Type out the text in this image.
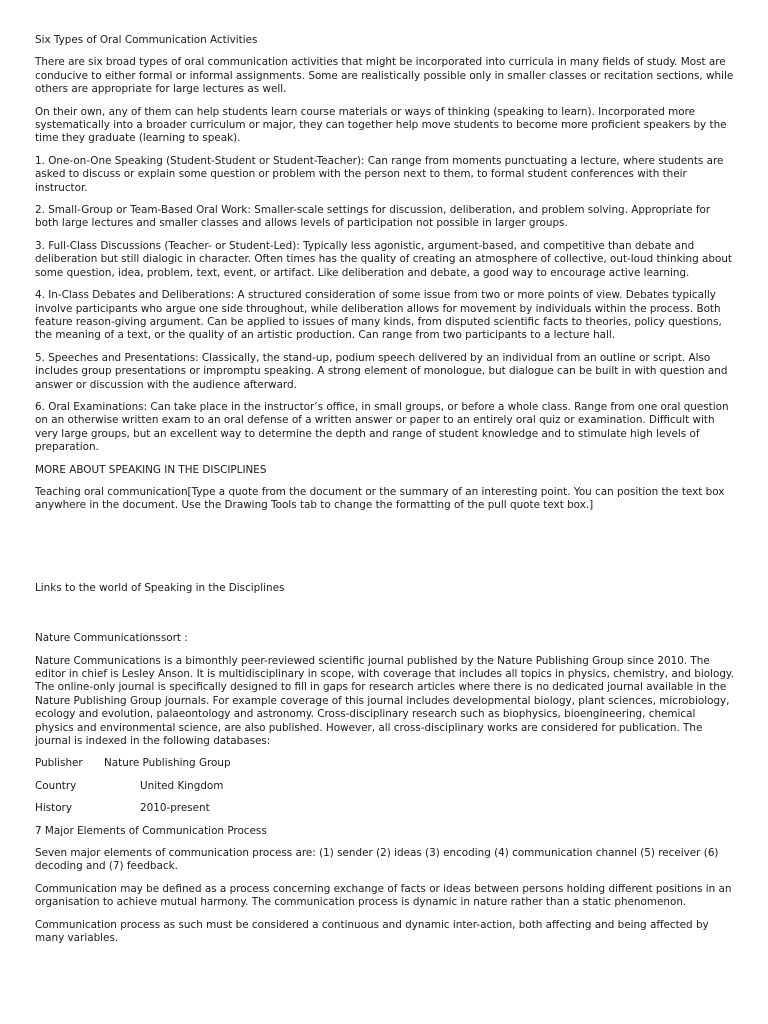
Six Types of Oral Communication Activities

There are six broad types of oral communication activities that might be incorporated into curricula in many fields of study. Most are conducive to either formal or informal assignments. Some are realistically possible only in smaller classes or recitation sections, while others are appropriate for large lectures as well.

On their own, any of them can help students learn course materials or ways of thinking (speaking to learn). Incorporated more systematically into a broader curriculum or major, they can together help move students to become more proficient speakers by the time they graduate (learning to speak).

1. One-on-One Speaking (Student-Student or Student-Teacher): Can range from moments punctuating a lecture, where students are asked to discuss or explain some question or problem with the person next to them, to formal student conferences with their instructor.

2. Small-Group or Team-Based Oral Work: Smaller-scale settings for discussion, deliberation, and problem solving. Appropriate for both large lectures and smaller classes and allows levels of participation not possible in larger groups.

3. Full-Class Discussions (Teacher- or Student-Led): Typically less agonistic, argument-based, and competitive than debate and deliberation but still dialogic in character. Often times has the quality of creating an atmosphere of collective, out-loud thinking about some question, idea, problem, text, event, or artifact. Like deliberation and debate, a good way to encourage active learning.

4. In-Class Debates and Deliberations: A structured consideration of some issue from two or more points of view. Debates typically involve participants who argue one side throughout, while deliberation allows for movement by individuals within the process. Both feature reason-giving argument. Can be applied to issues of many kinds, from disputed scientific facts to theories, policy questions, the meaning of a text, or the quality of an artistic production. Can range from two participants to a lecture hall.

5. Speeches and Presentations: Classically, the stand-up, podium speech delivered by an individual from an outline or script. Also includes group presentations or impromptu speaking. A strong element of monologue, but dialogue can be built in with question and answer or discussion with the audience afterward.

6. Oral Examinations: Can take place in the instructor’s office, in small groups, or before a whole class. Range from one oral question on an otherwise written exam to an oral defense of a written answer or paper to an entirely oral quiz or examination. Difficult with very large groups, but an excellent way to determine the depth and range of student knowledge and to stimulate high levels of preparation.

MORE ABOUT SPEAKING IN THE DISCIPLINES

Teaching oral communication[Type a quote from the document or the summary of an interesting point. You can position the text box anywhere in the document. Use the Drawing Tools tab to change the formatting of the pull quote text box.]

Links to the world of Speaking in the Disciplines

Nature Communicationssort :

Nature Communications is a bimonthly peer-reviewed scientific journal published by the Nature Publishing Group since 2010. The editor in chief is Lesley Anson. It is multidisciplinary in scope, with coverage that includes all topics in physics, chemistry, and biology. The online-only journal is specifically designed to fill in gaps for research articles where there is no dedicated journal available in the Nature Publishing Group journals. For example coverage of this journal includes developmental biology, plant sciences, microbiology, ecology and evolution, palaeontology and astronomy. Cross-disciplinary research such as biophysics, bioengineering, chemical physics and environmental science, are also published. However, all cross-disciplinary works are considered for publication. The journal is indexed in the following databases:

Publisher	Nature Publishing Group
Country	United Kingdom
History	2010-present

7 Major Elements of Communication Process

Seven major elements of communication process are: (1) sender (2) ideas (3) encoding (4) communication channel (5) receiver (6) decoding and (7) feedback.

Communication may be defined as a process concerning exchange of facts or ideas between persons holding different positions in an organisation to achieve mutual harmony. The communication process is dynamic in nature rather than a static phenomenon.

Communication process as such must be considered a continuous and dynamic inter-action, both affecting and being affected by many variables.
